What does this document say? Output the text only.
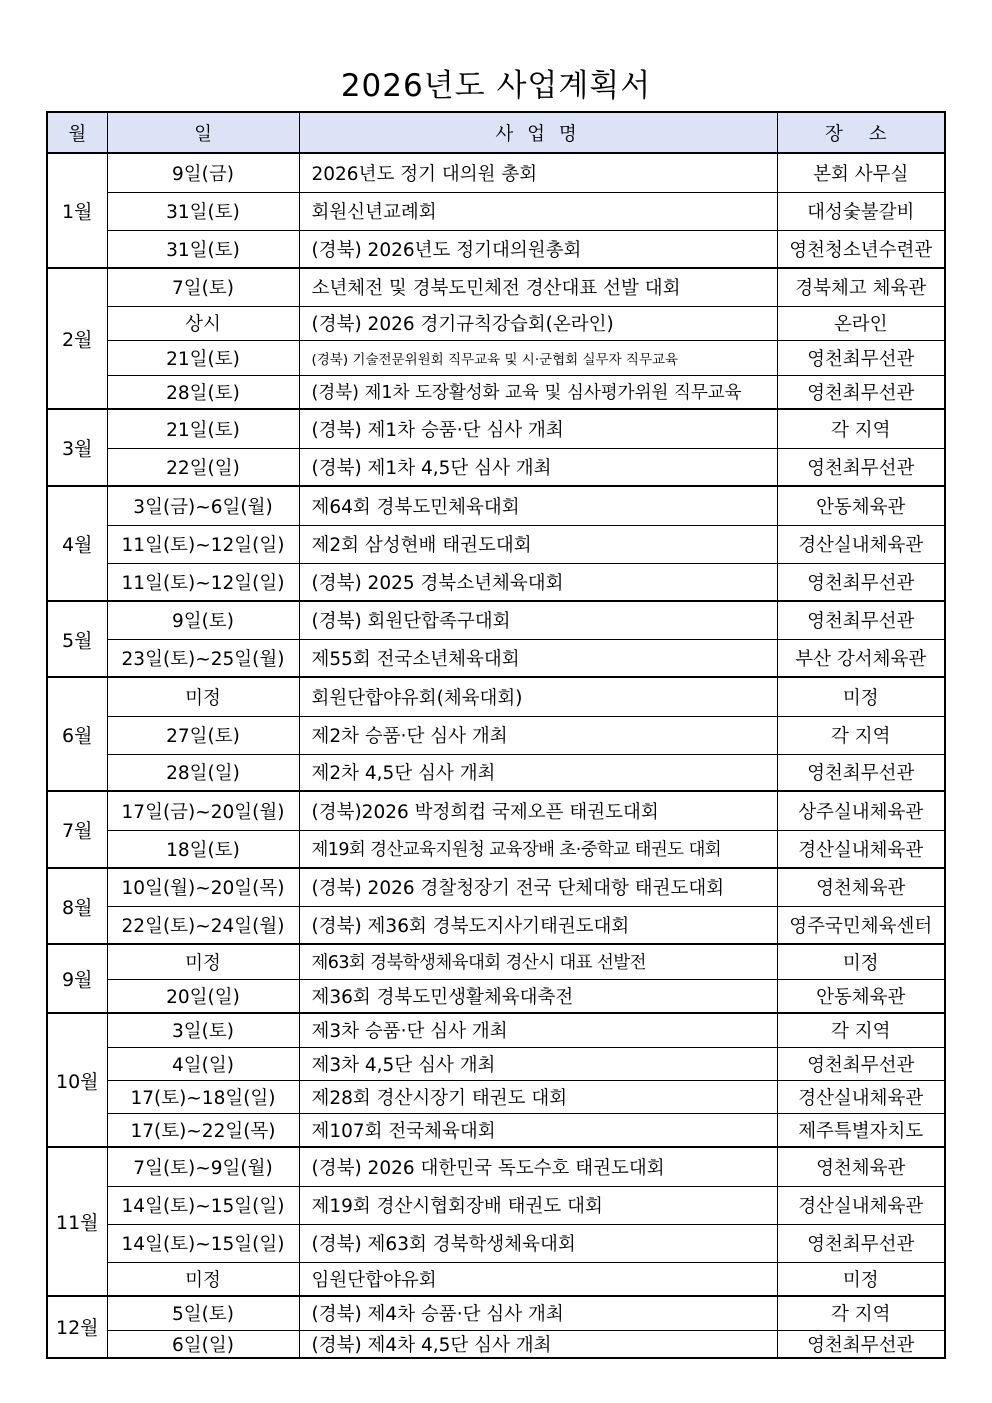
2026년도 사업계획서
월	일	사 업 명	장 소
1월	9일(금)	2026년도 정기 대의원 총회	본회 사무실
	31일(토)	회원신년교례회	대성숯불갈비
	31일(토)	(경북) 2026년도 정기대의원총회	영천청소년수련관
2월	7일(토)	소년체전 및 경북도민체전 경산대표 선발 대회	경북체고 체육관
	상시	(경북) 2026 경기규칙강습회(온라인)	온라인
	21일(토)	(경북) 기술전문위원회 직무교육 및 시·군협회 실무자 직무교육	영천최무선관
	28일(토)	(경북) 제1차 도장활성화 교육 및 심사평가위원 직무교육	영천최무선관
3월	21일(토)	(경북) 제1차 승품·단 심사 개최	각 지역
	22일(일)	(경북) 제1차 4,5단 심사 개최	영천최무선관
4월	3일(금)~6일(월)	제64회 경북도민체육대회	안동체육관
	11일(토)~12일(일)	제2회 삼성현배 태권도대회	경산실내체육관
	11일(토)~12일(일)	(경북) 2025 경북소년체육대회	영천최무선관
5월	9일(토)	(경북) 회원단합족구대회	영천최무선관
	23일(토)~25일(월)	제55회 전국소년체육대회	부산 강서체육관
6월	미정	회원단합야유회(체육대회)	미정
	27일(토)	제2차 승품·단 심사 개최	각 지역
	28일(일)	제2차 4,5단 심사 개최	영천최무선관
7월	17일(금)~20일(월)	(경북)2026 박정희컵 국제오픈 태권도대회	상주실내체육관
	18일(토)	제19회 경산교육지원청 교육장배 초·중학교 태권도 대회	경산실내체육관
8월	10일(월)~20일(목)	(경북) 2026 경찰청장기 전국 단체대항 태권도대회	영천체육관
	22일(토)~24일(월)	(경북) 제36회 경북도지사기태권도대회	영주국민체육센터
9월	미정	제63회 경북학생체육대회 경산시 대표 선발전	미정
	20일(일)	제36회 경북도민생활체육대축전	안동체육관
10월	3일(토)	제3차 승품·단 심사 개최	각 지역
	4일(일)	제3차 4,5단 심사 개최	영천최무선관
	17(토)~18일(일)	제28회 경산시장기 태권도 대회	경산실내체육관
	17(토)~22일(목)	제107회 전국체육대회	제주특별자치도
11월	7일(토)~9일(월)	(경북) 2026 대한민국 독도수호 태권도대회	영천체육관
	14일(토)~15일(일)	제19회 경산시협회장배 태권도 대회	경산실내체육관
	14일(토)~15일(일)	(경북) 제63회 경북학생체육대회	영천최무선관
	미정	임원단합야유회	미정
12월	5일(토)	(경북) 제4차 승품·단 심사 개최	각 지역
	6일(일)	(경북) 제4차 4,5단 심사 개최	영천최무선관
